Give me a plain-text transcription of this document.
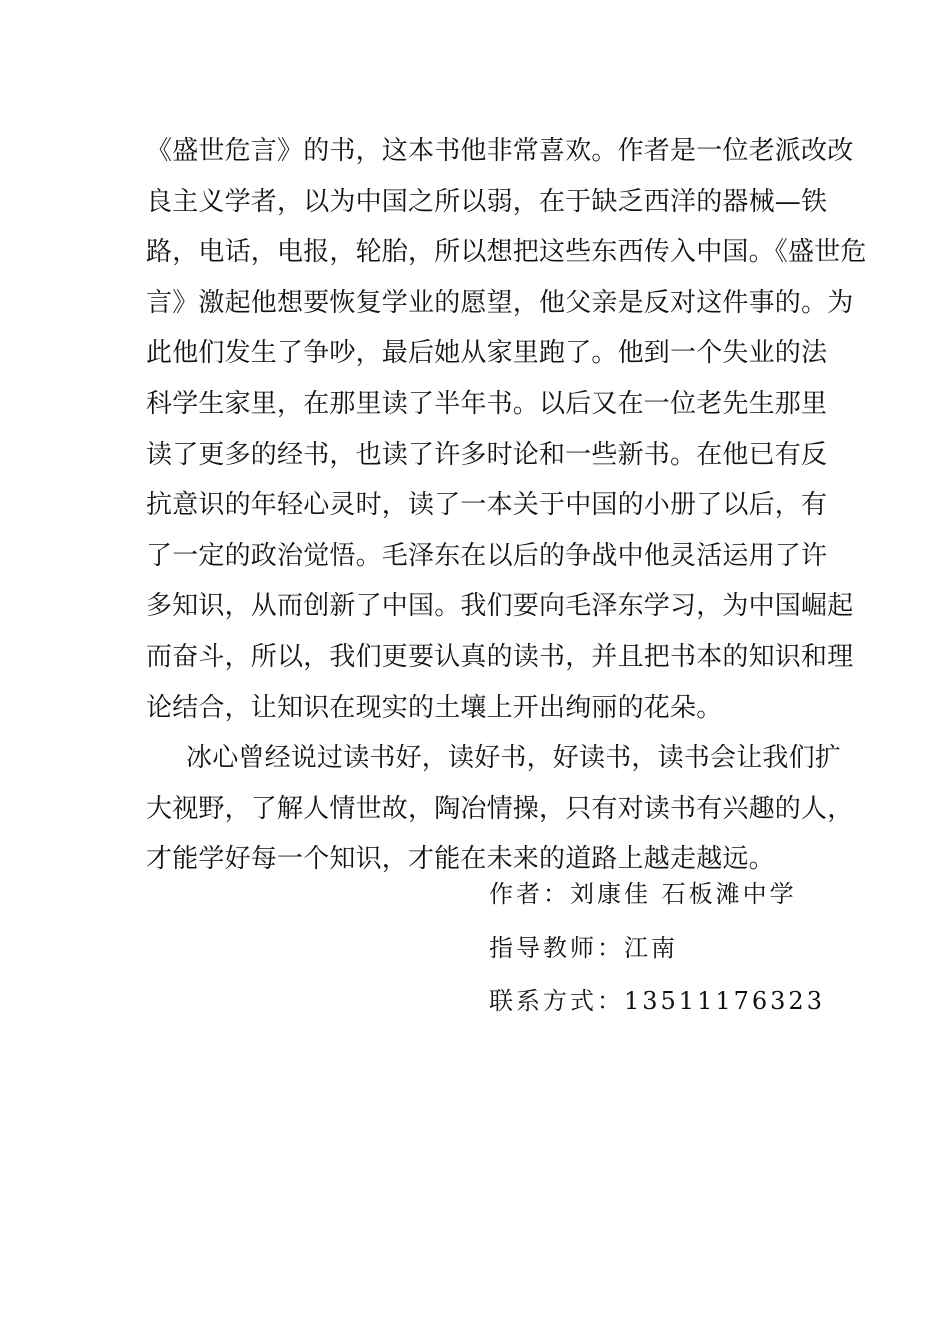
《盛世危言》的书，这本书他非常喜欢。作者是一位老派改改
良主义学者，以为中国之所以弱，在于缺乏西洋的器械—铁
路，电话，电报，轮胎，所以想把这些东西传入中国。《盛世危
言》激起他想要恢复学业的愿望，他父亲是反对这件事的。为
此他们发生了争吵，最后她从家里跑了。他到一个失业的法
科学生家里，在那里读了半年书。以后又在一位老先生那里
读了更多的经书，也读了许多时论和一些新书。在他已有反
抗意识的年轻心灵时，读了一本关于中国的小册了以后，有
了一定的政治觉悟。毛泽东在以后的争战中他灵活运用了许
多知识，从而创新了中国。我们要向毛泽东学习，为中国崛起
而奋斗，所以，我们更要认真的读书，并且把书本的知识和理
论结合，让知识在现实的土壤上开出绚丽的花朵。
冰心曾经说过读书好，读好书，好读书，读书会让我们扩
大视野，了解人情世故，陶冶情操，只有对读书有兴趣的人，
才能学好每一个知识，才能在未来的道路上越走越远。
作者：刘康佳 石板滩中学
指导教师：江南
联系方式：13511176323
